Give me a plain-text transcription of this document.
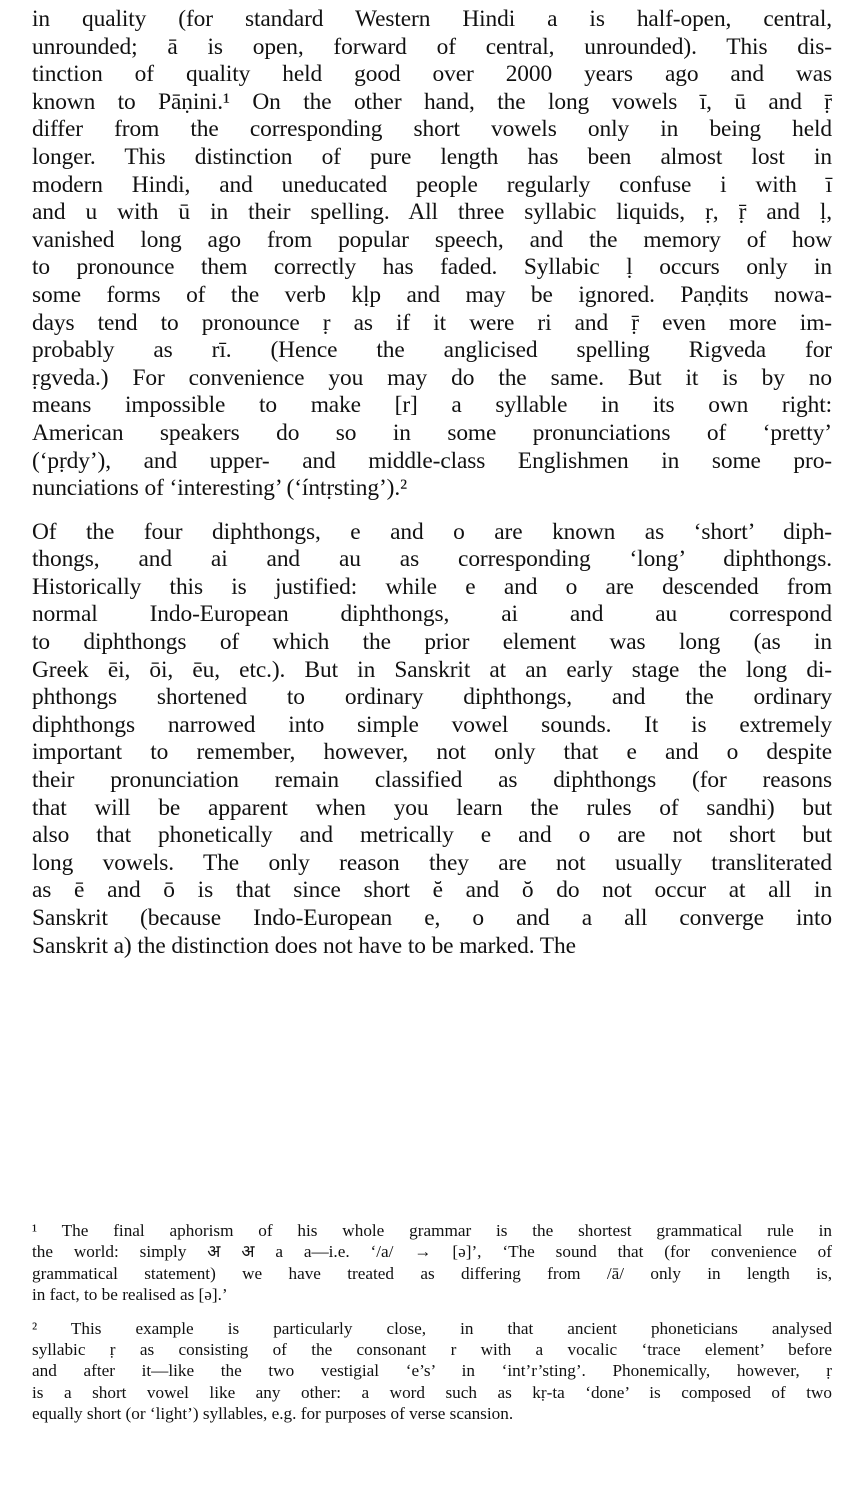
in quality (for standard Western Hindi a is half-open, central,
unrounded; ā is open, forward of central, unrounded). This dis-
tinction of quality held good over 2000 years ago and was
known to Pāṇini.¹ On the other hand, the long vowels ī, ū and ṝ
differ from the corresponding short vowels only in being held
longer. This distinction of pure length has been almost lost in
modern Hindi, and uneducated people regularly confuse i with ī
and u with ū in their spelling. All three syllabic liquids, ṛ, ṝ and ḷ,
vanished long ago from popular speech, and the memory of how
to pronounce them correctly has faded. Syllabic ḷ occurs only in
some forms of the verb kḷp and may be ignored. Paṇḍits nowa-
days tend to pronounce ṛ as if it were ri and ṝ even more im-
probably as rī. (Hence the anglicised spelling Rigveda for
ṛgveda.) For convenience you may do the same. But it is by no
means impossible to make [r] a syllable in its own right:
American speakers do so in some pronunciations of ‘pretty’
(‘pṛdy’), and upper- and middle-class Englishmen in some pro-
nunciations of ‘interesting’ (‘íntṛsting’).²

Of the four diphthongs, e and o are known as ‘short’ diph-
thongs, and ai and au as corresponding ‘long’ diphthongs.
Historically this is justified: while e and o are descended from
normal Indo-European diphthongs, ai and au correspond
to diphthongs of which the prior element was long (as in
Greek ēi, ōi, ēu, etc.). But in Sanskrit at an early stage the long di-
phthongs shortened to ordinary diphthongs, and the ordinary
diphthongs narrowed into simple vowel sounds. It is extremely
important to remember, however, not only that e and o despite
their pronunciation remain classified as diphthongs (for reasons
that will be apparent when you learn the rules of sandhi) but
also that phonetically and metrically e and o are not short but
long vowels. The only reason they are not usually transliterated
as ē and ō is that since short ĕ and ŏ do not occur at all in
Sanskrit (because Indo-European e, o and a all converge into
Sanskrit a) the distinction does not have to be marked. The

¹ The final aphorism of his whole grammar is the shortest grammatical rule in
the world: simply अ अ a a—i.e. ‘/a/ → [ə]’, ‘The sound that (for convenience of
grammatical statement) we have treated as differing from /ā/ only in length is,
in fact, to be realised as [ə].’
² This example is particularly close, in that ancient phoneticians analysed
syllabic ṛ as consisting of the consonant r with a vocalic ‘trace element’ before
and after it—like the two vestigial ‘e’s’ in ‘int’r’sting’. Phonemically, however, ṛ
is a short vowel like any other: a word such as kṛ-ta ‘done’ is composed of two
equally short (or ‘light’) syllables, e.g. for purposes of verse scansion.
